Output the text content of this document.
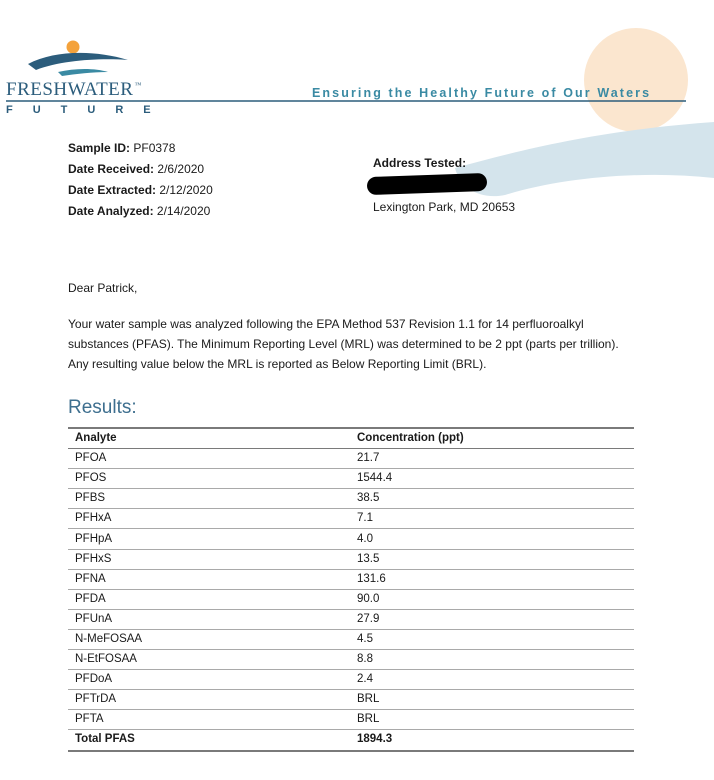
FRESHWATER™
FUTURE
Ensuring the Healthy Future of Our Waters
Sample ID: PF0378
Date Received: 2/6/2020
Date Extracted: 2/12/2020
Date Analyzed: 2/14/2020
Address Tested:
Lexington Park, MD 20653

Dear Patrick,

Your water sample was analyzed following the EPA Method 537 Revision 1.1 for 14 perfluoroalkyl

substances (PFAS). The Minimum Reporting Level (MRL) was determined to be 2 ppt (parts per trillion).

Any resulting value below the MRL is reported as Below Reporting Limit (BRL).

Results:
Analyte	Concentration (ppt)
PFOA	21.7
PFOS	1544.4
PFBS	38.5
PFHxA	7.1
PFHpA	4.0
PFHxS	13.5
PFNA	131.6
PFDA	90.0
PFUnA	27.9
N-MeFOSAA	4.5
N-EtFOSAA	8.8
PFDoA	2.4
PFTrDA	BRL
PFTA	BRL
Total PFAS	1894.3
